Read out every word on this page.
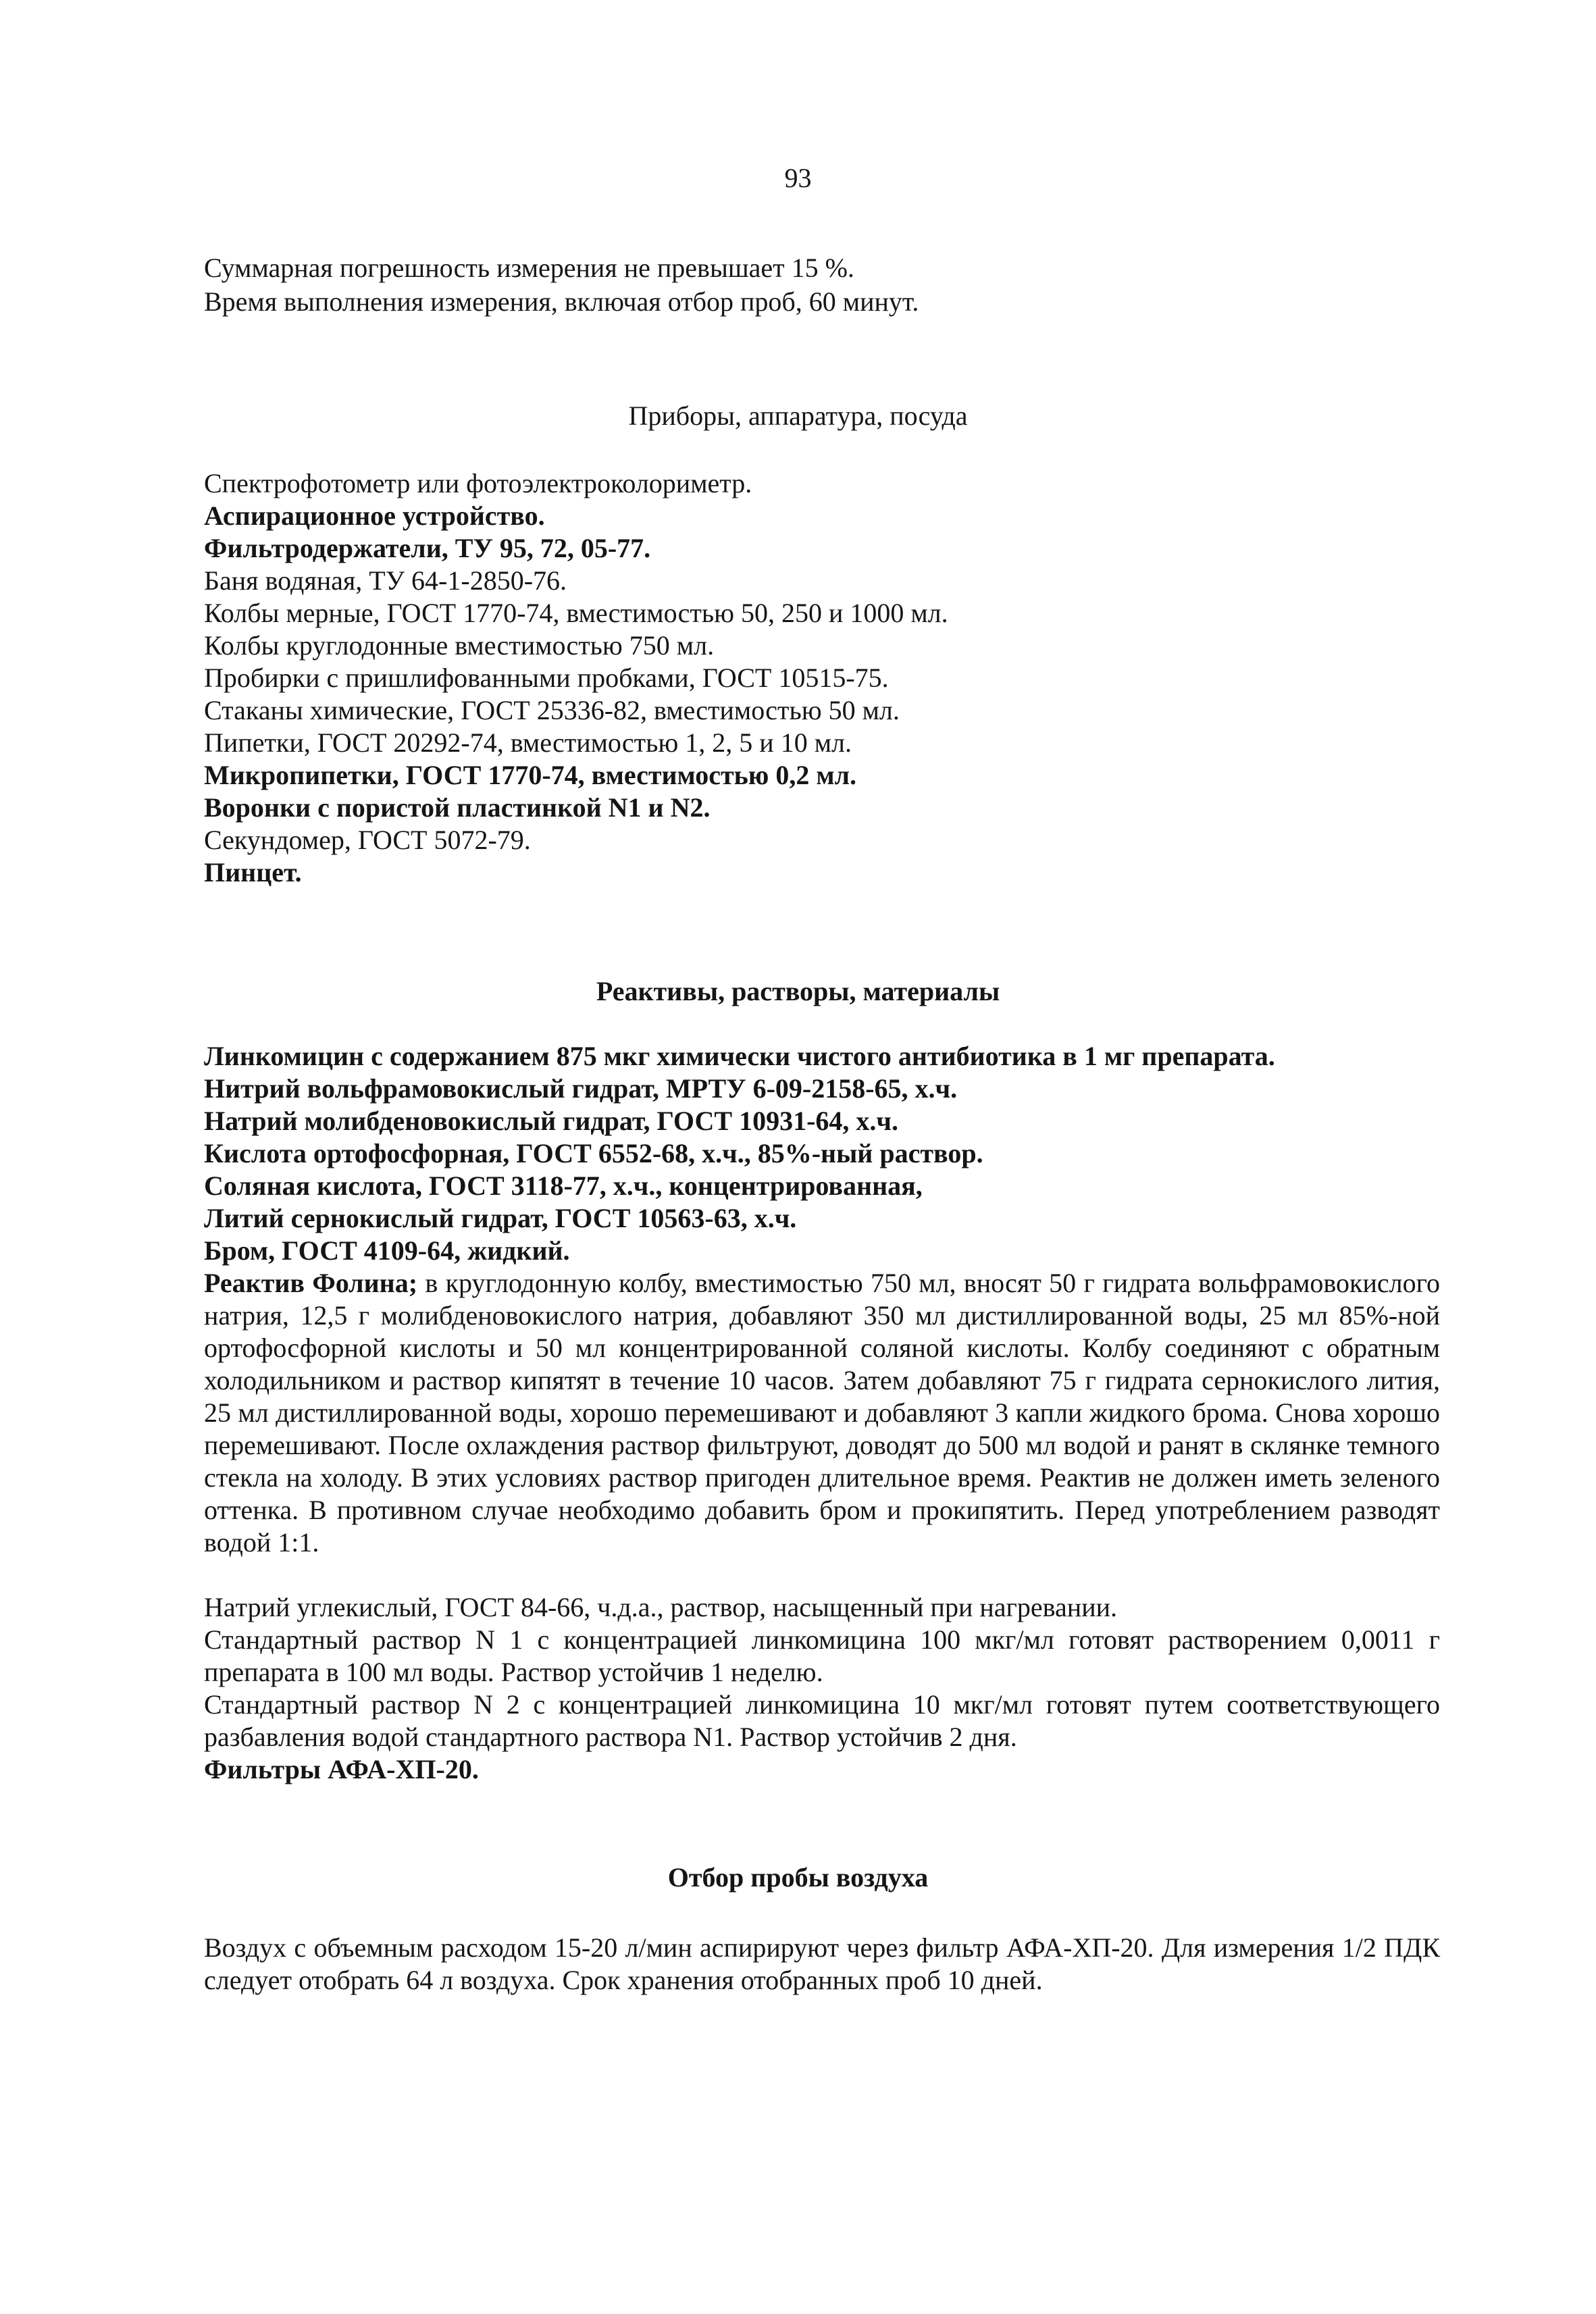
93
Суммарная погрешность измерения не превышает 15 %.
Время выполнения измерения, включая отбор проб, 60 минут.
Приборы, аппаратура, посуда
Спектрофотометр или фотоэлектроколориметр.
Аспирационное устройство.
Фильтродержатели, ТУ 95, 72, 05-77.
Баня водяная, ТУ 64-1-2850-76.
Колбы мерные, ГОСТ 1770-74, вместимостью 50, 250 и 1000 мл.
Колбы круглодонные вместимостью 750 мл.
Пробирки с пришлифованными пробками, ГОСТ 10515-75.
Стаканы химические, ГОСТ 25336-82, вместимостью 50 мл.
Пипетки, ГОСТ 20292-74, вместимостью 1, 2, 5 и 10 мл.
Микропипетки, ГОСТ 1770-74, вместимостью 0,2 мл.
Воронки с пористой пластинкой N1 и N2.
Секундомер, ГОСТ 5072-79.
Пинцет.
Реактивы, растворы, материалы
Линкомицин с содержанием 875 мкг химически чистого антибиотика в 1 мг препарата.
Нитрий вольфрамовокислый гидрат, МРТУ 6-09-2158-65, х.ч.
Натрий молибденовокислый гидрат, ГОСТ 10931-64, х.ч.
Кислота ортофосфорная, ГОСТ 6552-68, х.ч., 85%-ный раствор.
Соляная кислота, ГОСТ 3118-77, х.ч., концентрированная,
Литий сернокислый гидрат, ГОСТ 10563-63, х.ч.
Бром, ГОСТ 4109-64, жидкий.
Реактив Фолина; в круглодонную колбу, вместимостью 750 мл, вносят 50 г гидрата вольфрамовокислого натрия, 12,5 г молибденовокислого натрия, добавляют 350 мл дистиллированной воды, 25 мл 85%-ной ортофосфорной кислоты и 50 мл концентрированной соляной кислоты. Колбу соединяют с обратным холодильником и раствор кипятят в течение 10 часов. Затем добавляют 75 г гидрата сернокислого лития, 25 мл дистиллированной воды, хорошо перемешивают и добавляют 3 капли жидкого брома. Снова хорошо перемешивают. После охлаждения раствор фильтруют, доводят до 500 мл водой и ранят в склянке темного стекла на холоду. В этих условиях раствор пригоден длительное время. Реактив не должен иметь зеленого оттенка. В противном случае необходимо добавить бром и прокипятить. Перед употреблением разводят водой 1:1.
Нaтрий углекислый, ГОСТ 84-66, ч.д.а., раствор, насыщенный при нагревании.
Стандартный раствор N 1 с концентрацией линкомицина 100 мкг/мл готовят растворением 0,0011 г препарата в 100 мл воды. Раствор устойчив 1 неделю.
Стандартный раствор N 2 с концентрацией линкомицина 10 мкг/мл готовят путем соответствующего разбавления водой стандартного раствора N1. Раствор устойчив 2 дня.
Фильтры АФА-ХП-20.
Отбор пробы воздуха
Воздух с объемным расходом 15-20 л/мин аспирируют через фильтр АФА-ХП-20. Для измерения 1/2 ПДК следует отобрать 64 л воздуха. Срок хранения отобранных проб 10 дней.
